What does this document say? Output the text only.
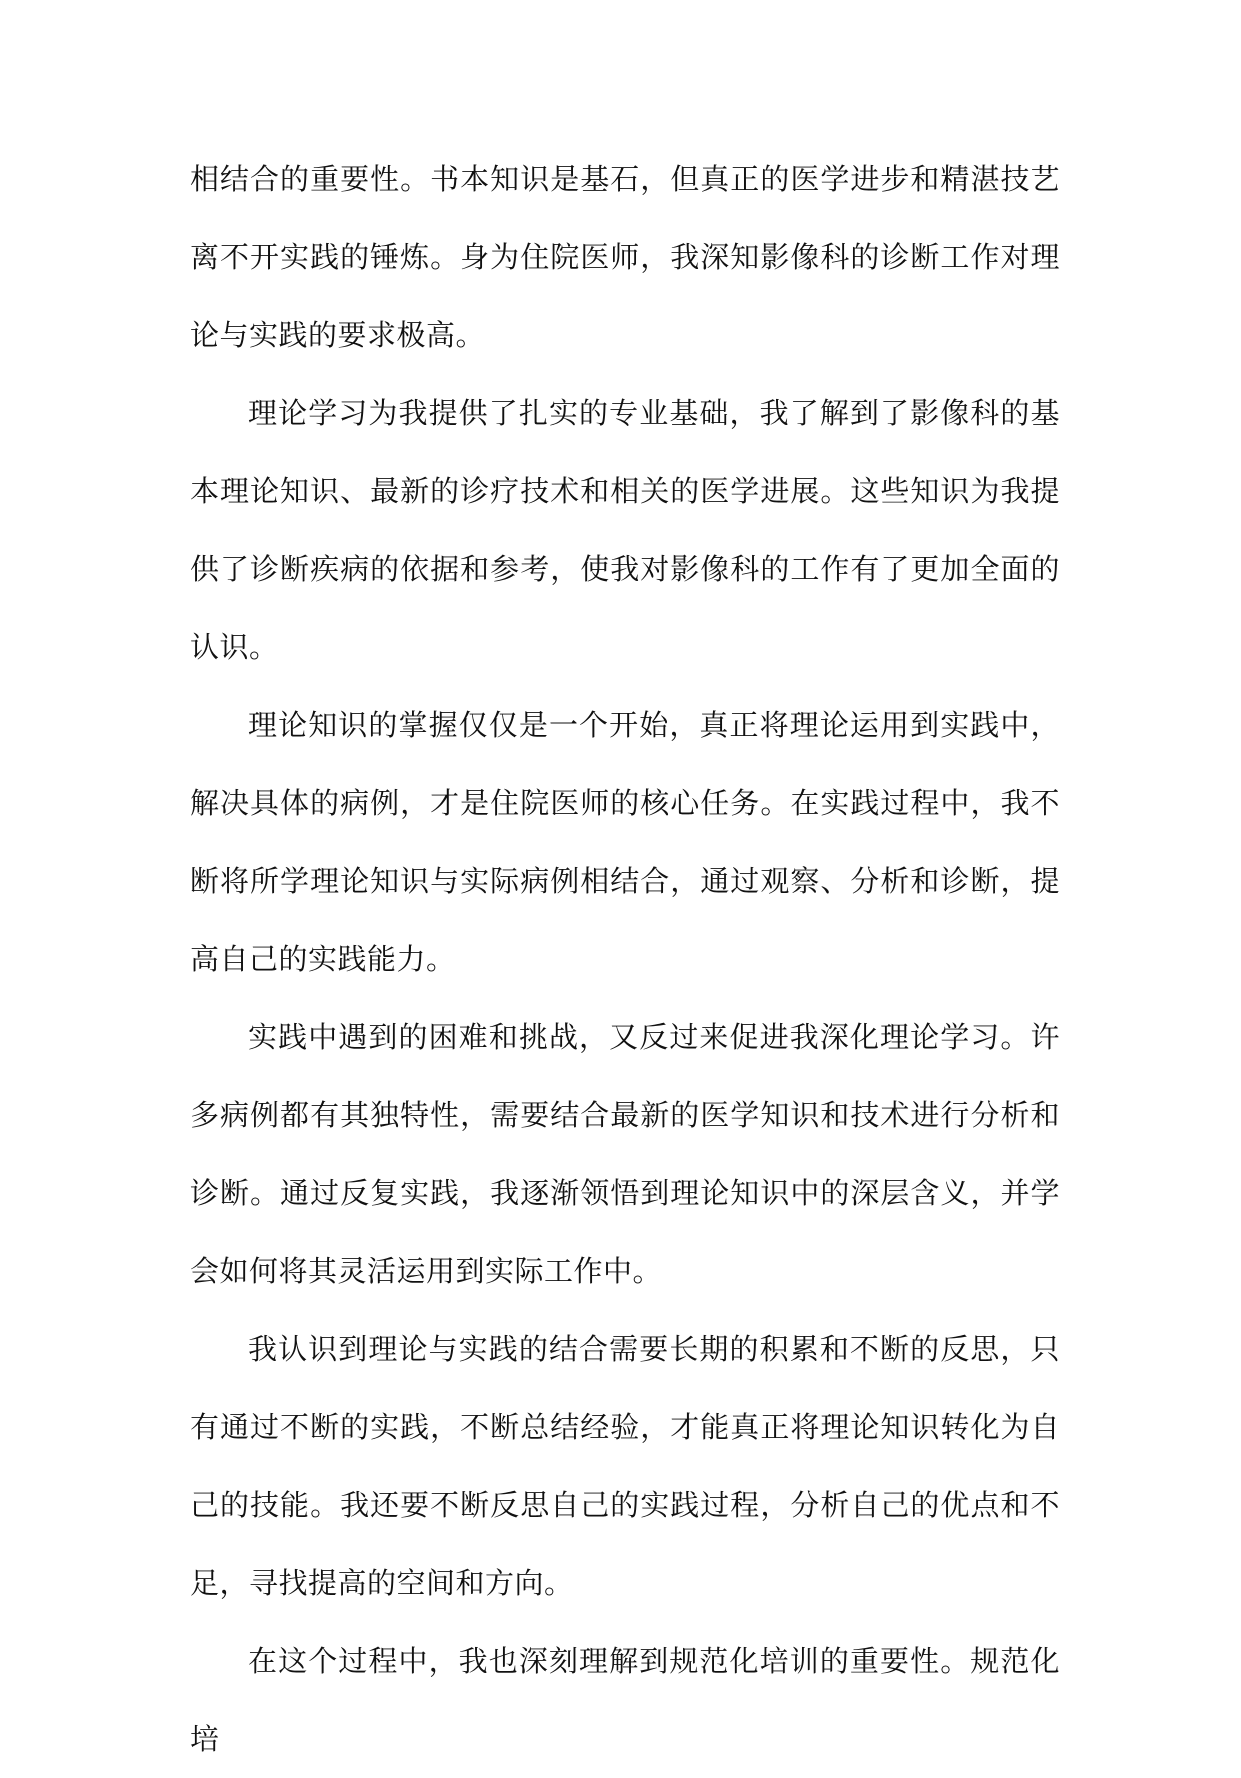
相结合的重要性。书本知识是基石，但真正的医学进步和精湛技艺离不开实践的锤炼。身为住院医师，我深知影像科的诊断工作对理论与实践的要求极高。

理论学习为我提供了扎实的专业基础，我了解到了影像科的基本理论知识、最新的诊疗技术和相关的医学进展。这些知识为我提供了诊断疾病的依据和参考，使我对影像科的工作有了更加全面的认识。

理论知识的掌握仅仅是一个开始，真正将理论运用到实践中，解决具体的病例，才是住院医师的核心任务。在实践过程中，我不断将所学理论知识与实际病例相结合，通过观察、分析和诊断，提高自己的实践能力。

实践中遇到的困难和挑战，又反过来促进我深化理论学习。许多病例都有其独特性，需要结合最新的医学知识和技术进行分析和诊断。通过反复实践，我逐渐领悟到理论知识中的深层含义，并学会如何将其灵活运用到实际工作中。

我认识到理论与实践的结合需要长期的积累和不断的反思，只有通过不断的实践，不断总结经验，才能真正将理论知识转化为自己的技能。我还要不断反思自己的实践过程，分析自己的优点和不足，寻找提高的空间和方向。

在这个过程中，我也深刻理解到规范化培训的重要性。规范化培
